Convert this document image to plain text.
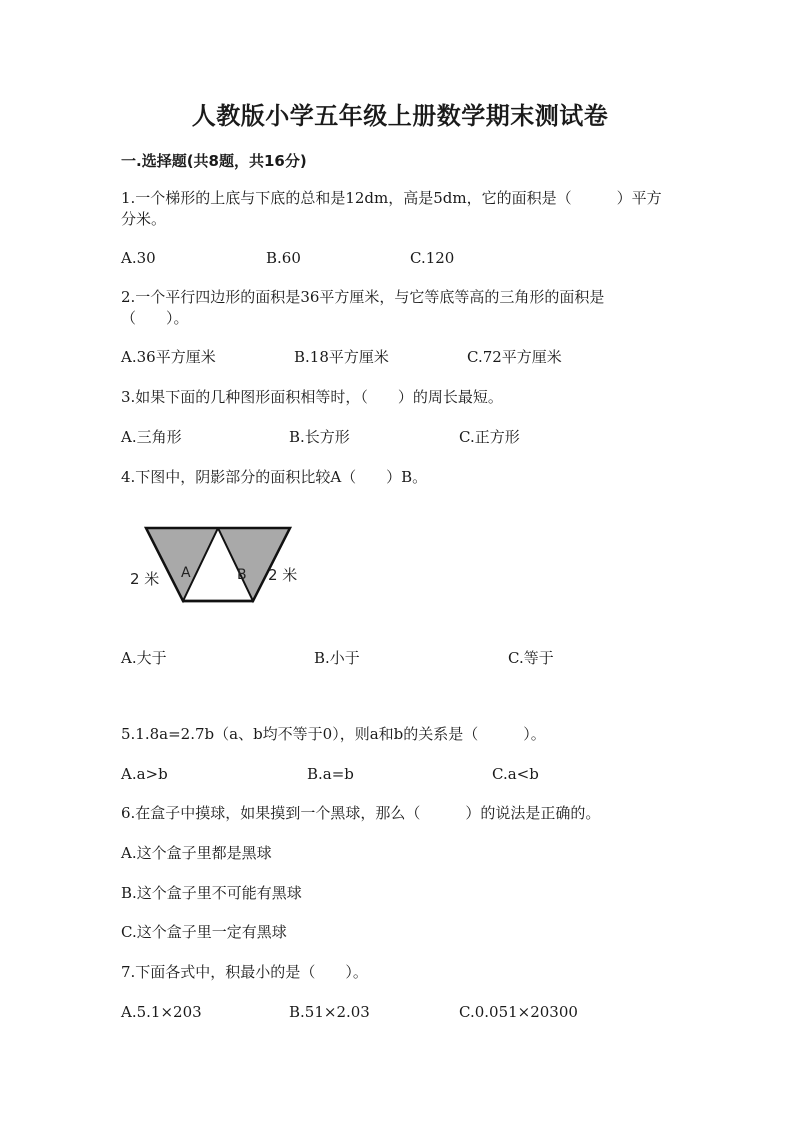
人教版小学五年级上册数学期末测试卷
一.选择题(共8题，共16分)
1.一个梯形的上底与下底的总和是12dm，高是5dm，它的面积是（　　　）平方
分米。
A.30	B.60	C.120
2.一个平行四边形的面积是36平方厘米，与它等底等高的三角形的面积是
（　　）。
A.36平方厘米	B.18平方厘米	C.72平方厘米
3.如果下面的几种图形面积相等时，（　　）的周长最短。
A.三角形	B.长方形	C.正方形
4.下图中，阴影部分的面积比较A（　　）B。
A	B
2 米	2 米
A.大于	B.小于	C.等于
5.1.8a=2.7b（a、b均不等于0），则a和b的关系是（　　　）。
A.a>b	B.a=b	C.a<b
6.在盒子中摸球，如果摸到一个黑球，那么（　　　）的说法是正确的。
A.这个盒子里都是黑球
B.这个盒子里不可能有黑球
C.这个盒子里一定有黑球
7.下面各式中，积最小的是（　　）。
A.5.1×203	B.51×2.03	C.0.051×20300
